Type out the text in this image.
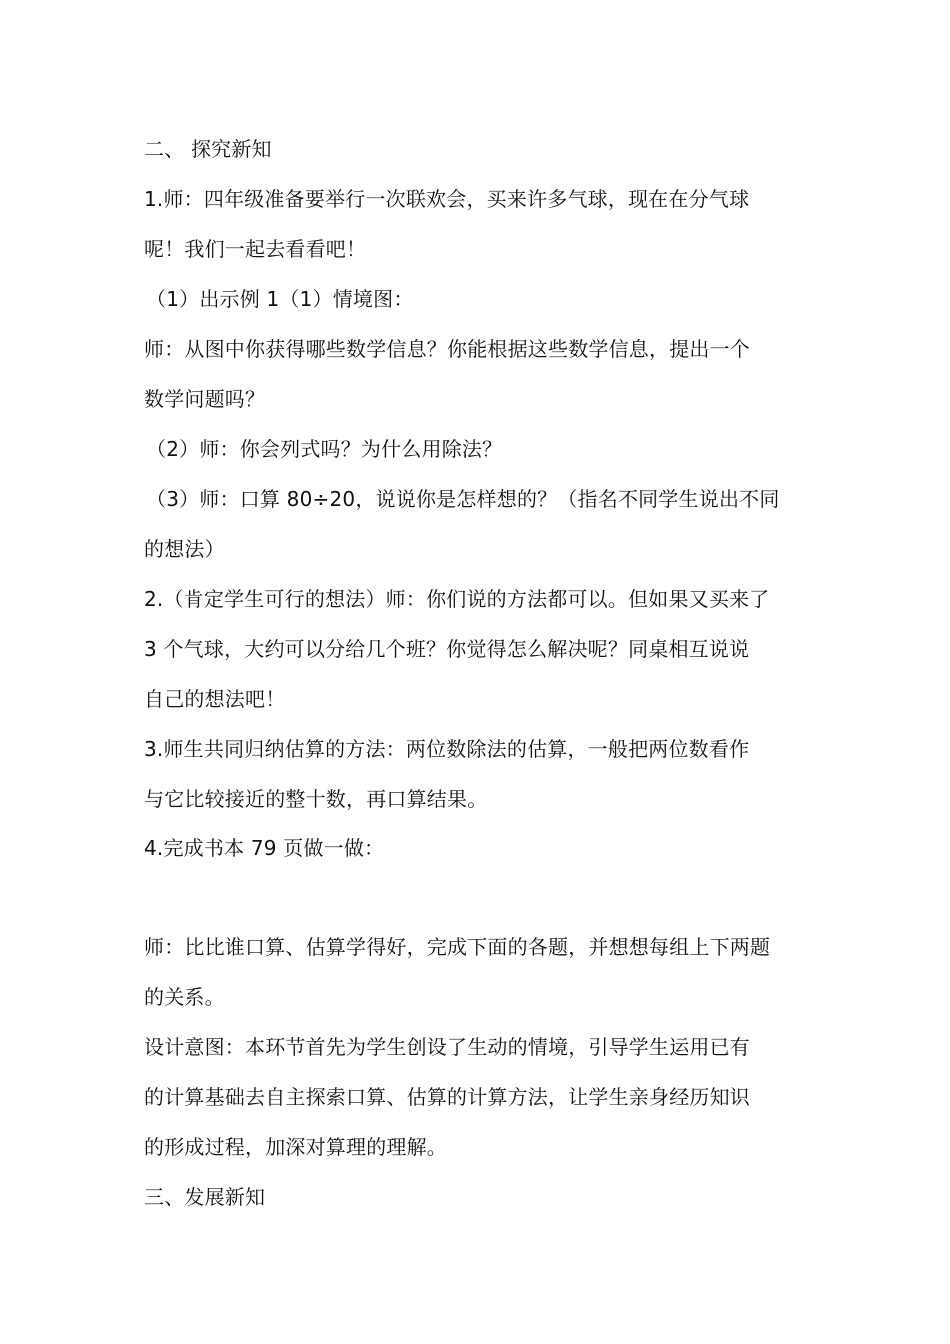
二、 探究新知
1.师：四年级准备要举行一次联欢会，买来许多气球，现在在分气球
呢！我们一起去看看吧！
（1）出示例 1（1）情境图：
师：从图中你获得哪些数学信息？你能根据这些数学信息，提出一个
数学问题吗？
（2）师：你会列式吗？为什么用除法？
（3）师：口算 80÷20，说说你是怎样想的？（指名不同学生说出不同
的想法）
2.（肯定学生可行的想法）师：你们说的方法都可以。但如果又买来了
3 个气球，大约可以分给几个班？你觉得怎么解决呢？同桌相互说说
自己的想法吧！
3.师生共同归纳估算的方法：两位数除法的估算，一般把两位数看作
与它比较接近的整十数，再口算结果。
4.完成书本 79 页做一做：
师：比比谁口算、估算学得好，完成下面的各题，并想想每组上下两题
的关系。
设计意图：本环节首先为学生创设了生动的情境，引导学生运用已有
的计算基础去自主探索口算、估算的计算方法，让学生亲身经历知识
的形成过程，加深对算理的理解。
三、发展新知
